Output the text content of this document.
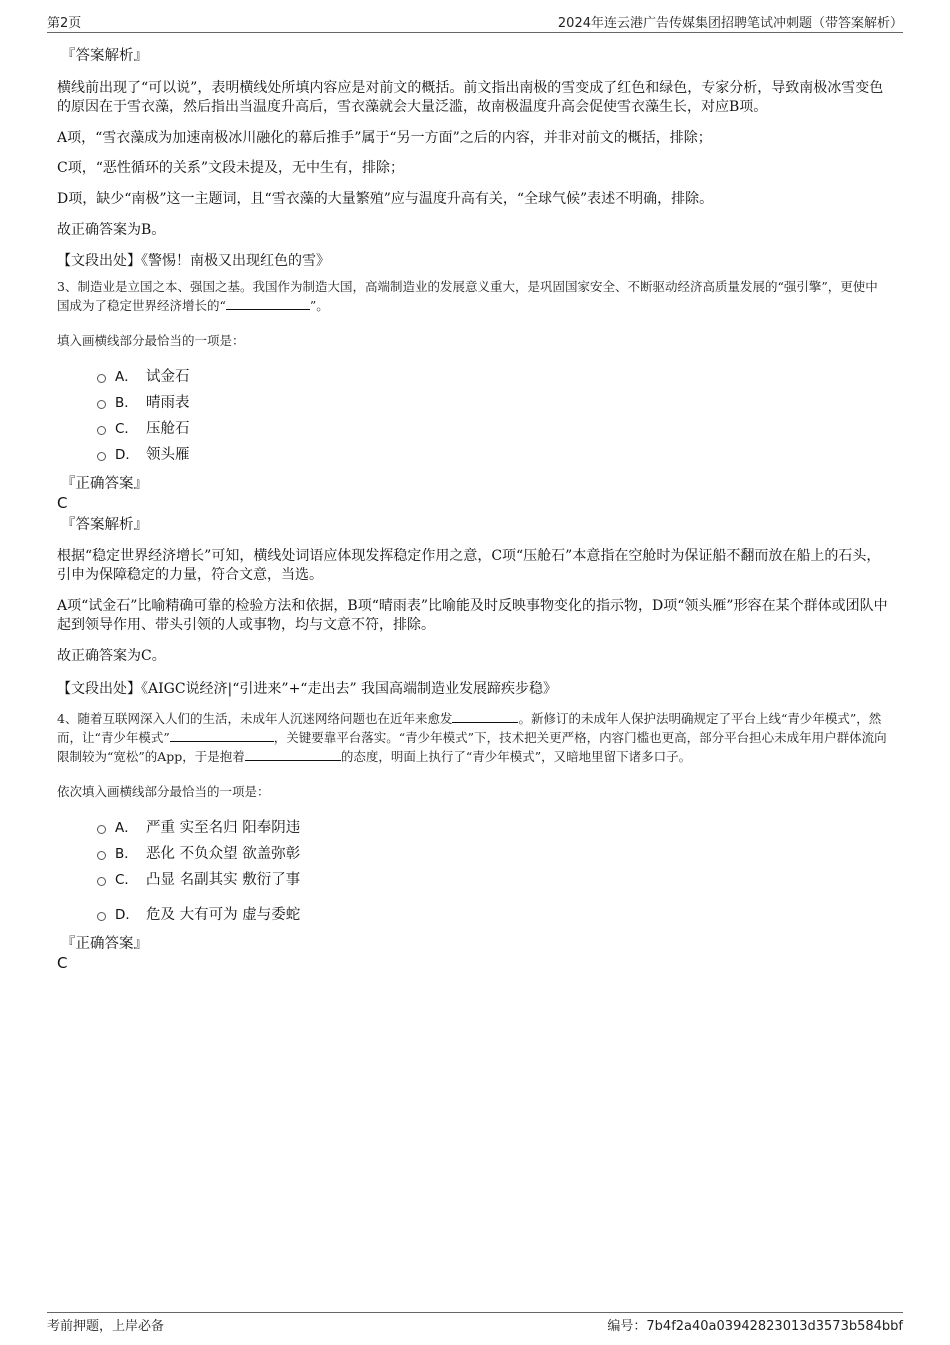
第2页	2024年连云港广告传媒集团招聘笔试冲刺题（带答案解析）
『答案解析』

横线前出现了“可以说”，表明横线处所填内容应是对前文的概括。前文指出南极的雪变成了红色和绿色，专家分析，导致南极冰雪变色的原因在于雪衣藻，然后指出当温度升高后，雪衣藻就会大量泛滥，故南极温度升高会促使雪衣藻生长，对应B项。

A项，“雪衣藻成为加速南极冰川融化的幕后推手”属于“另一方面”之后的内容，并非对前文的概括，排除；

C项，“恶性循环的关系”文段未提及，无中生有，排除；

D项，缺少“南极”这一主题词，且“雪衣藻的大量繁殖”应与温度升高有关，“全球气候”表述不明确，排除。

故正确答案为B。

【文段出处】《警惕！南极又出现红色的雪》

3、制造业是立国之本、强国之基。我国作为制造大国，高端制造业的发展意义重大，是巩固国家安全、不断驱动经济高质量发展的“强引擎”，更使中国成为了稳定世界经济增长的“	”。

填入画横线部分最恰当的一项是：

A． 试金石
B． 晴雨表
C． 压舱石
D． 领头雁
『正确答案』
C
『答案解析』

根据“稳定世界经济增长”可知，横线处词语应体现发挥稳定作用之意，C项“压舱石”本意指在空舱时为保证船不翻而放在船上的石头，引申为保障稳定的力量，符合文意，当选。

A项“试金石”比喻精确可靠的检验方法和依据，B项“晴雨表”比喻能及时反映事物变化的指示物，D项“领头雁”形容在某个群体或团队中起到领导作用、带头引领的人或事物，均与文意不符，排除。

故正确答案为C。

【文段出处】《AIGC说经济|“引进来”+“走出去” 我国高端制造业发展蹄疾步稳》

4、随着互联网深入人们的生活，未成年人沉迷网络问题也在近年来愈发	。新修订的未成年人保护法明确规定了平台上线“青少年模式”，然而，让“青少年模式”	，关键要靠平台落实。“青少年模式”下，技术把关更严格，内容门槛也更高，部分平台担心未成年用户群体流向限制较为“宽松”的App，于是抱着	的态度，明面上执行了“青少年模式”，又暗地里留下诸多口子。

依次填入画横线部分最恰当的一项是：

A． 严重 实至名归 阳奉阴违
B． 恶化 不负众望 欲盖弥彰
C． 凸显 名副其实 敷衍了事
D． 危及 大有可为 虚与委蛇
『正确答案』
C
考前押题，上岸必备	编号：7b4f2a40a03942823013d3573b584bbf
